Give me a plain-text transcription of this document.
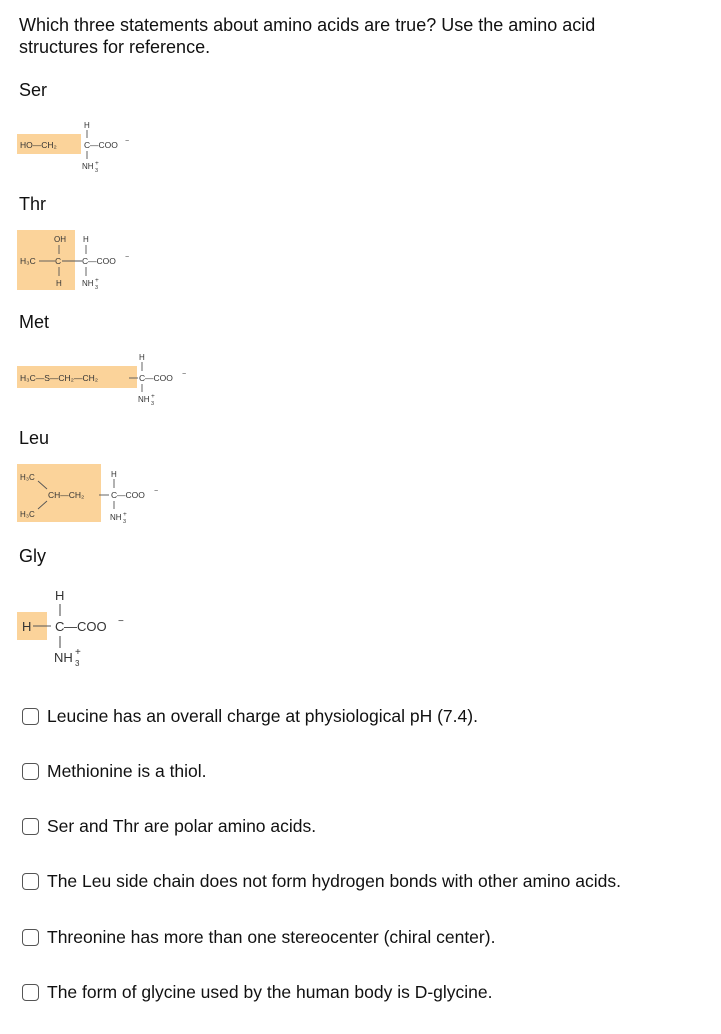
Which three statements about amino acids are true? Use the amino acid structures for reference.
Ser
HO—CH₂
H
C —COO −
NH 3
+
Thr
OH H
H₃C C C —COO −
H	NH 3
+
Met
H₃C—S—CH₂—CH₂
H
C —COO −
NH 3
+
Leu
H₃C
H₃C
CH—CH₂
H
C —COO −
NH 3
+
Gly
H
H
C —COO −
NH 3
+
Leucine has an overall charge at physiological pH (7.4).
Methionine is a thiol.
Ser and Thr are polar amino acids.
The Leu side chain does not form hydrogen bonds with other amino acids.
Threonine has more than one stereocenter (chiral center).
The form of glycine used by the human body is D-glycine.
